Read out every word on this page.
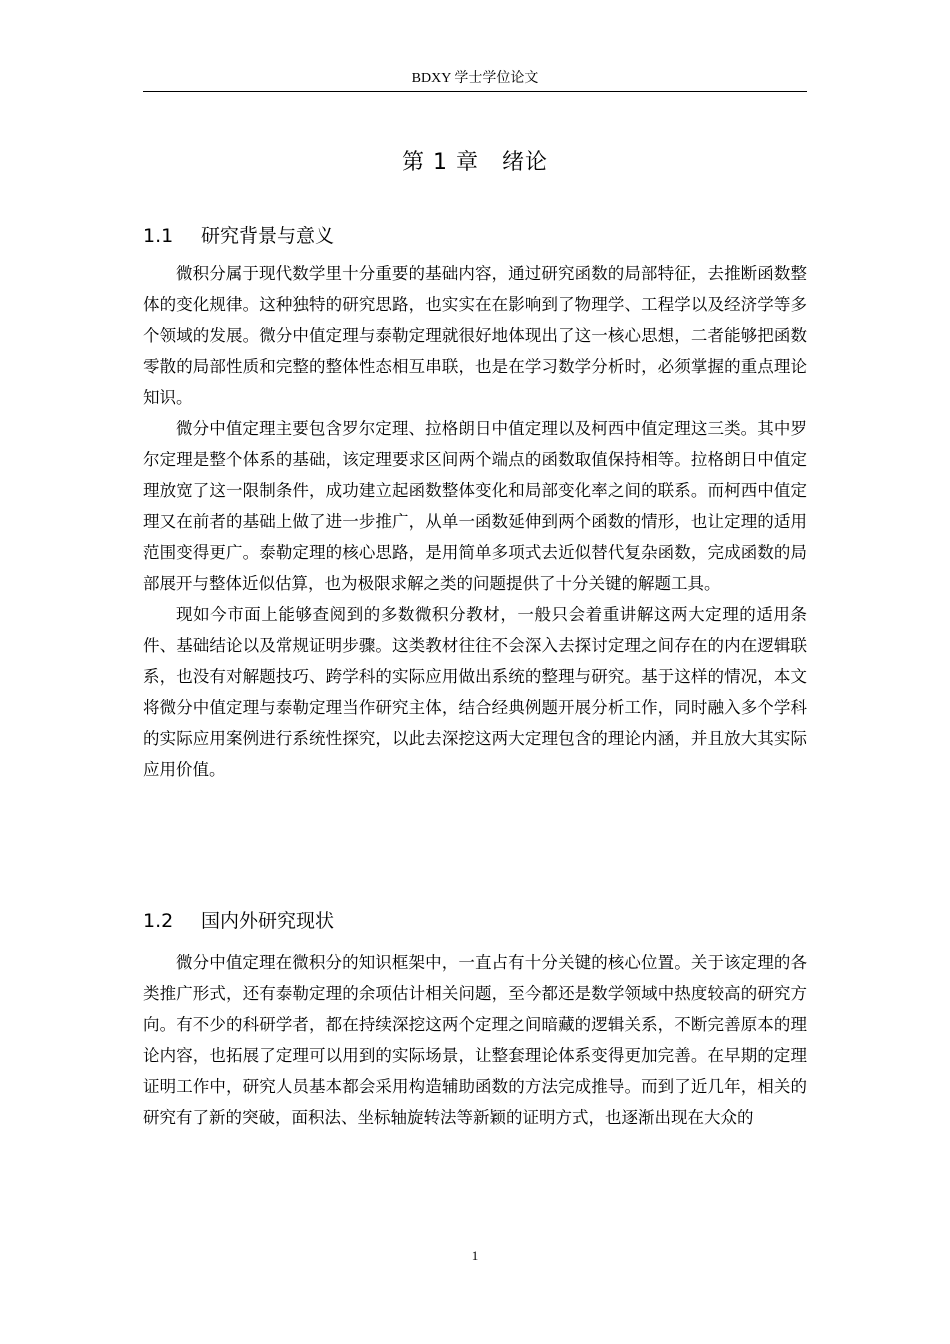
BDXY 学士学位论文
第 1 章　绪论
1.1 研究背景与意义

微积分属于现代数学里十分重要的基础内容，通过研究函数的局部特征，去推断函数整体的变化规律。这种独特的研究思路，也实实在在影响到了物理学、工程学以及经济学等多个领域的发展。微分中值定理与泰勒定理就很好地体现出了这一核心思想，二者能够把函数零散的局部性质和完整的整体性态相互串联，也是在学习数学分析时，必须掌握的重点理论知识。

微分中值定理主要包含罗尔定理、拉格朗日中值定理以及柯西中值定理这三类。其中罗尔定理是整个体系的基础，该定理要求区间两个端点的函数取值保持相等。拉格朗日中值定理放宽了这一限制条件，成功建立起函数整体变化和局部变化率之间的联系。而柯西中值定理又在前者的基础上做了进一步推广，从单一函数延伸到两个函数的情形，也让定理的适用范围变得更广。泰勒定理的核心思路，是用简单多项式去近似替代复杂函数，完成函数的局部展开与整体近似估算，也为极限求解之类的问题提供了十分关键的解题工具。

现如今市面上能够查阅到的多数微积分教材，一般只会着重讲解这两大定理的适用条件、基础结论以及常规证明步骤。这类教材往往不会深入去探讨定理之间存在的内在逻辑联系，也没有对解题技巧、跨学科的实际应用做出系统的整理与研究。基于这样的情况，本文将微分中值定理与泰勒定理当作研究主体，结合经典例题开展分析工作，同时融入多个学科的实际应用案例进行系统性探究，以此去深挖这两大定理包含的理论内涵，并且放大其实际应用价值。

1.2 国内外研究现状

微分中值定理在微积分的知识框架中，一直占有十分关键的核心位置。关于该定理的各类推广形式，还有泰勒定理的余项估计相关问题，至今都还是数学领域中热度较高的研究方向。有不少的科研学者，都在持续深挖这两个定理之间暗藏的逻辑关系，不断完善原本的理论内容，也拓展了定理可以用到的实际场景，让整套理论体系变得更加完善。在早期的定理证明工作中，研究人员基本都会采用构造辅助函数的方法完成推导。而到了近几年，相关的研究有了新的突破，面积法、坐标轴旋转法等新颖的证明方式，也逐渐出现在大众的

1
